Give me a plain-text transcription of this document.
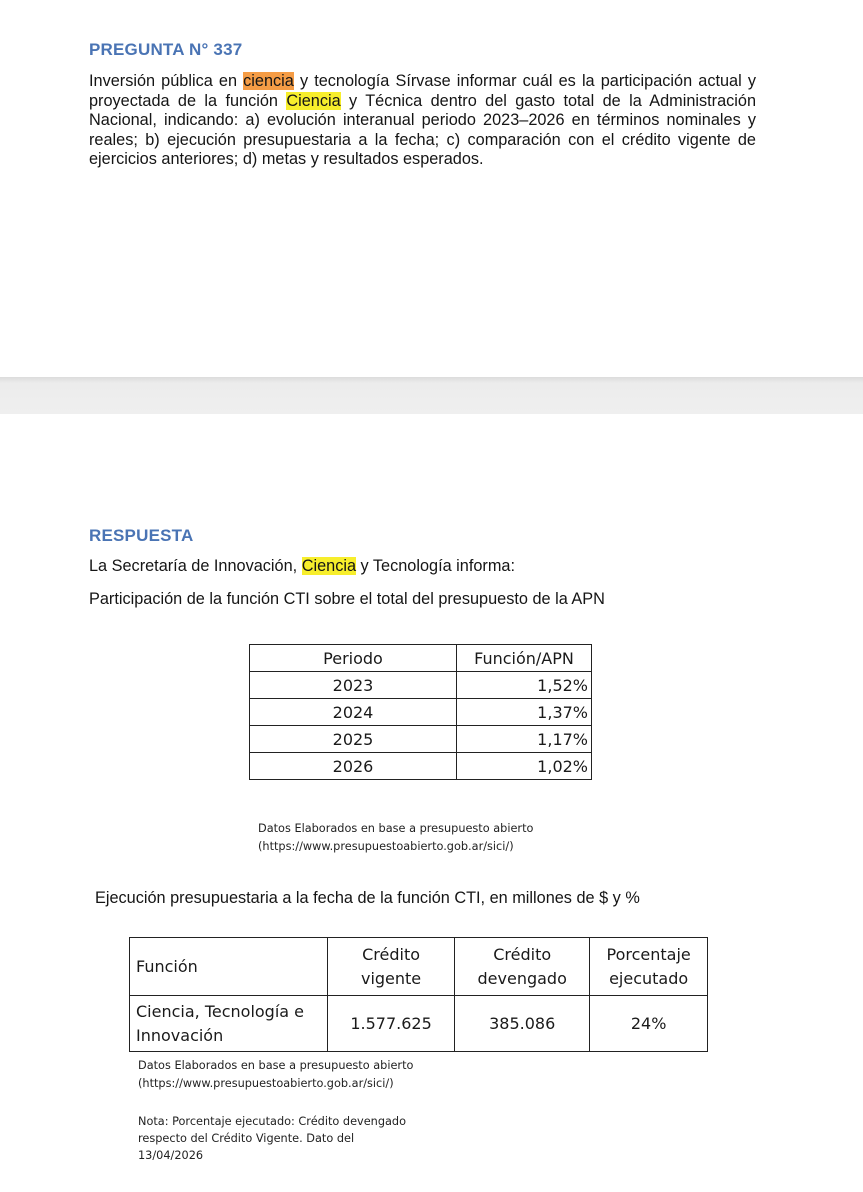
PREGUNTA N° 337

Inversión pública en ciencia y tecnología Sírvase informar cuál es la participación actual y proyectada de la función Ciencia y Técnica dentro del gasto total de la Administración Nacional, indicando: a) evolución interanual periodo 2023–2026 en términos nominales y reales; b) ejecución presupuestaria a la fecha; c) comparación con el crédito vigente de ejercicios anteriores; d) metas y resultados esperados.

RESPUESTA

La Secretaría de Innovación, Ciencia y Tecnología informa:

Participación de la función CTI sobre el total del presupuesto de la APN

Periodo	Función/APN
2023	1,52%
2024	1,37%
2025	1,17%
2026	1,02%

Datos Elaborados en base a presupuesto abierto

(https://www.presupuestoabierto.gob.ar/sici/)

Ejecución presupuestaria a la fecha de la función CTI, en millones de $ y %

Función	Crédito vigente	Crédito devengado	Porcentaje ejecutado
Ciencia, Tecnología e Innovación	1.577.625	385.086	24%

Datos Elaborados en base a presupuesto abierto

(https://www.presupuestoabierto.gob.ar/sici/)

Nota: Porcentaje ejecutado: Crédito devengado

respecto del Crédito Vigente. Dato del

13/04/2026
